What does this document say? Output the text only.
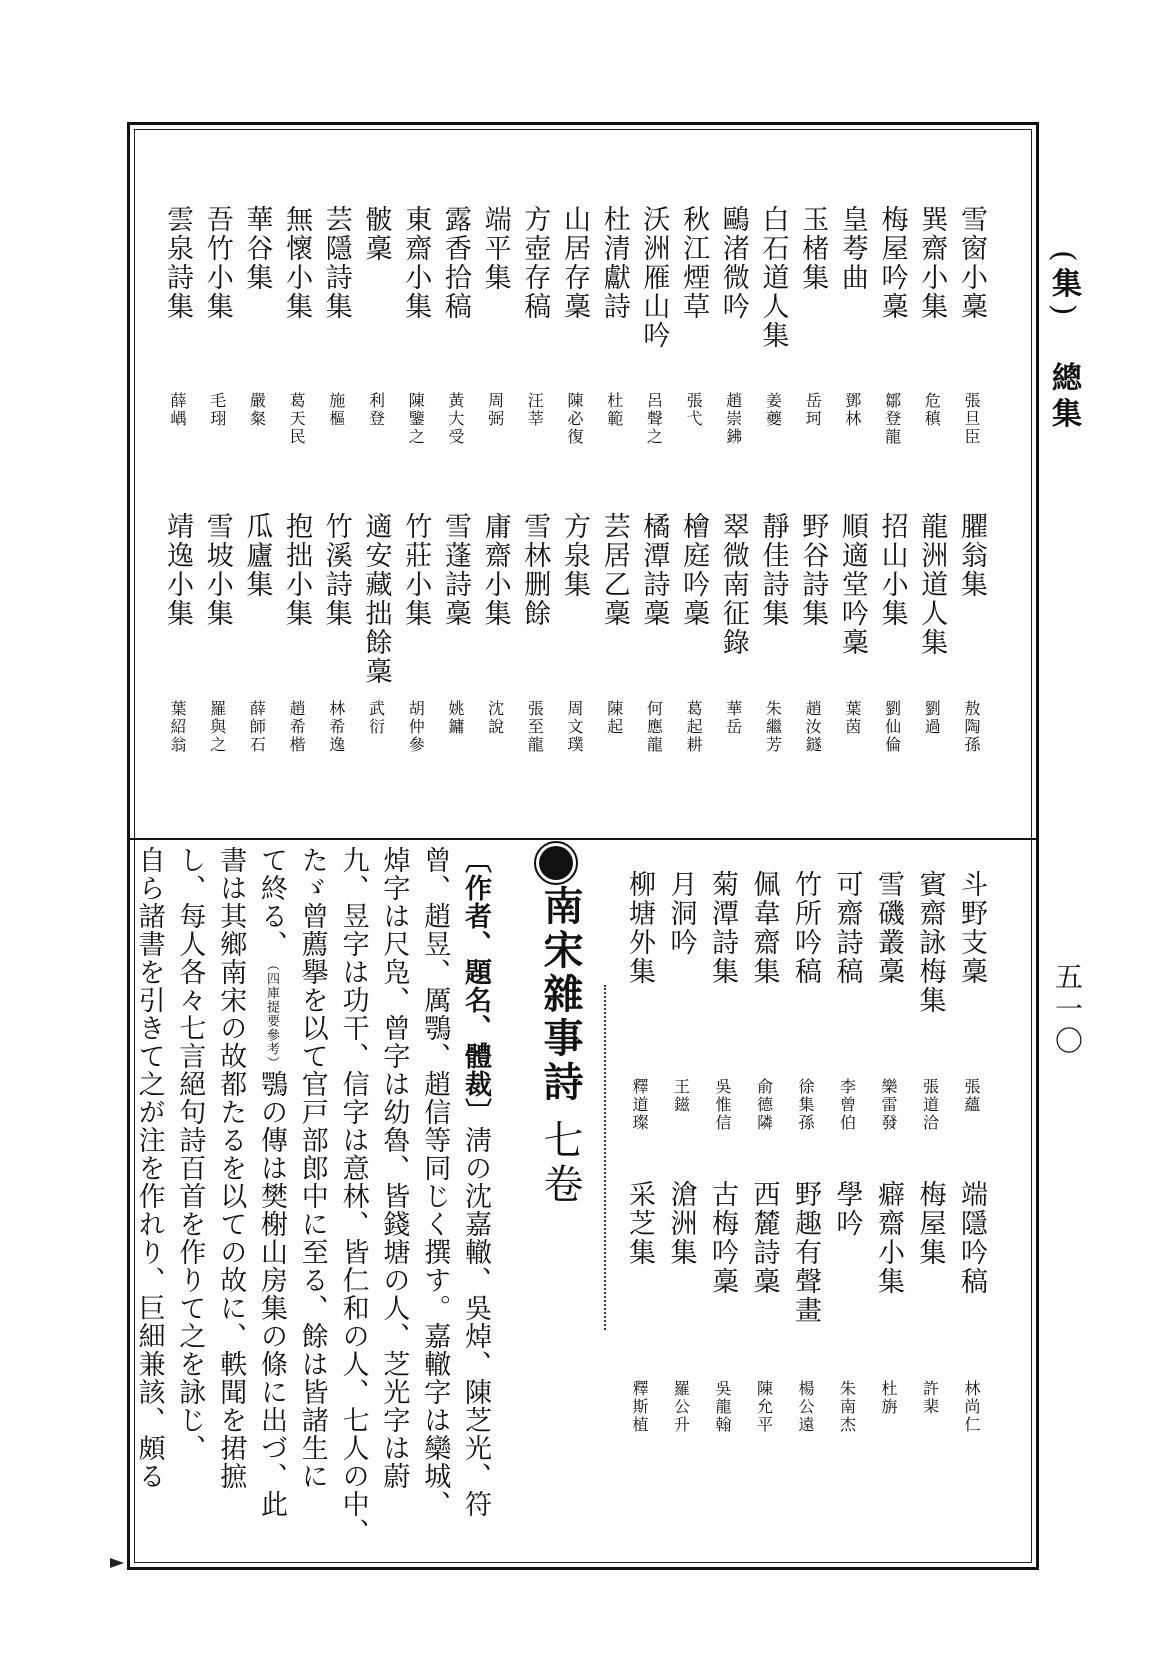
(集)總集
五一〇
雪窗小稾
張旦臣
巽齋小集
危稹
梅屋吟稾
鄒登龍
皇荂曲
鄧林
玉楮集
岳珂
白石道人集
姜夔
鷗渚微吟
趙崇鉘
秋江煙草
張弋
沃洲雁山吟
呂聲之
杜清獻詩
杜範
山居存稾
陳必復
方壺存稿
汪莘
端平集
周弼
露香拾稿
黃大受
東齋小集
陳鑒之
骳稾
利登
芸隱詩集
施樞
無懷小集
葛天民
華谷集
嚴粲
吾竹小集
毛珝
雲泉詩集
薛嵎
臞翁集
敖陶孫
龍洲道人集
劉過
招山小集
劉仙倫
順適堂吟稾
葉茵
野谷詩集
趙汝鐩
靜佳詩集
朱繼芳
翠微南征錄
華岳
檜庭吟稾
葛起耕
橘潭詩稾
何應龍
芸居乙稾
陳起
方泉集
周文璞
雪林删餘
張至龍
庸齋小集
沈說
雪蓬詩稾
姚鏞
竹莊小集
胡仲參
適安藏拙餘稾
武衍
竹溪詩集
林希逸
抱拙小集
趙希楷
瓜廬集
薛師石
雪坡小集
羅與之
靖逸小集
葉紹翁
斗野支稾
張蘊
賓齋詠梅集
張道洽
雪磯叢稾
樂雷發
可齋詩稿
李曾伯
竹所吟稿
徐集孫
佩韋齋集
俞德隣
菊潭詩集
吳惟信
月洞吟
王鎡
柳塘外集
釋道璨
端隱吟稿
林尚仁
梅屋集
許棐
癖齋小集
杜旃
學吟
朱南杰
野趣有聲畫
楊公遠
西麓詩稾
陳允平
古梅吟稾
吳龍翰
滄洲集
羅公升
采芝集
釋斯植
南宋雜事詩七卷
〔作者、題名、體裁〕淸の沈嘉轍、吳焯、陳芝光、符
曾、趙昱、厲鶚、趙信等同じく撰す。嘉轍字は欒城、
焯字は尺凫、曾字は幼魯、皆錢塘の人、芝光字は蔚
九、昱字は功干、信字は意林、皆仁和の人、七人の中、
たゞ曾薦擧を以て官戸部郎中に至る、餘は皆諸生に
て終る、（四庫提要參考）鶚の傳は樊榭山房集の條に出づ、此
書は其鄉南宋の故都たるを以ての故に、軼聞を捃摭
し、每人各々七言絕句詩百首を作りて之を詠じ、
自ら諸書を引きて之が注を作れり、巨細兼該、頗る
